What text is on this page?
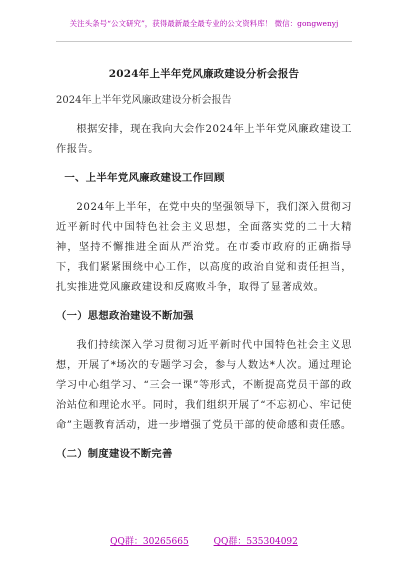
关注头条号“公文研究”，获得最新最全最专业的公文资料库！ 微信：gongwenyj
2024年上半年党风廉政建设分析会报告
2024年上半年党风廉政建设分析会报告

根据安排，现在我向大会作2024年上半年党风廉政建设工作报告。

一、上半年党风廉政建设工作回顾

2024年上半年，在党中央的坚强领导下，我们深入贯彻习近平新时代中国特色社会主义思想，全面落实党的二十大精神，坚持不懈推进全面从严治党。在市委市政府的正确指导下，我们紧紧围绕中心工作，以高度的政治自觉和责任担当，扎实推进党风廉政建设和反腐败斗争，取得了显著成效。

（一）思想政治建设不断加强

我们持续深入学习贯彻习近平新时代中国特色社会主义思想，开展了*场次的专题学习会，参与人数达*人次。通过理论学习中心组学习、“三会一课”等形式，不断提高党员干部的政治站位和理论水平。同时，我们组织开展了“不忘初心、牢记使命”主题教育活动，进一步增强了党员干部的使命感和责任感。

（二）制度建设不断完善
QQ群：30265665	QQ群：535304092
